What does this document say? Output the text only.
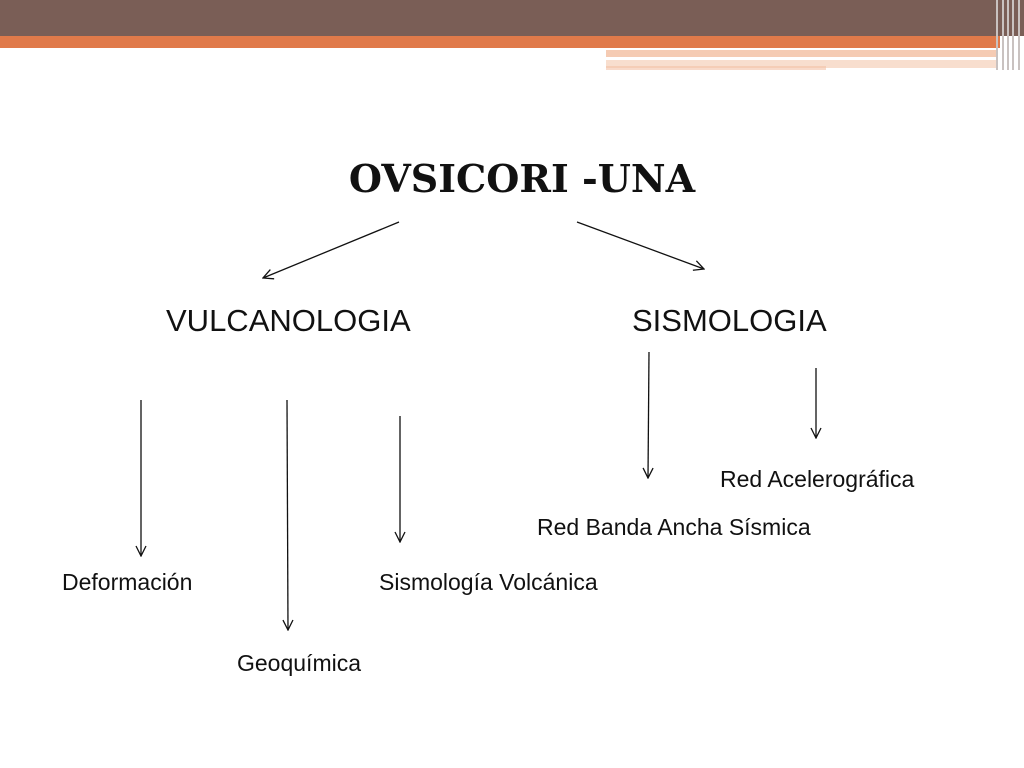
OVSICORI -UNA
VULCANOLOGIA	SISMOLOGIA
Deformación
Geoquímica
Sismología Volcánica
Red Banda Ancha Sísmica
Red Acelerográfica
